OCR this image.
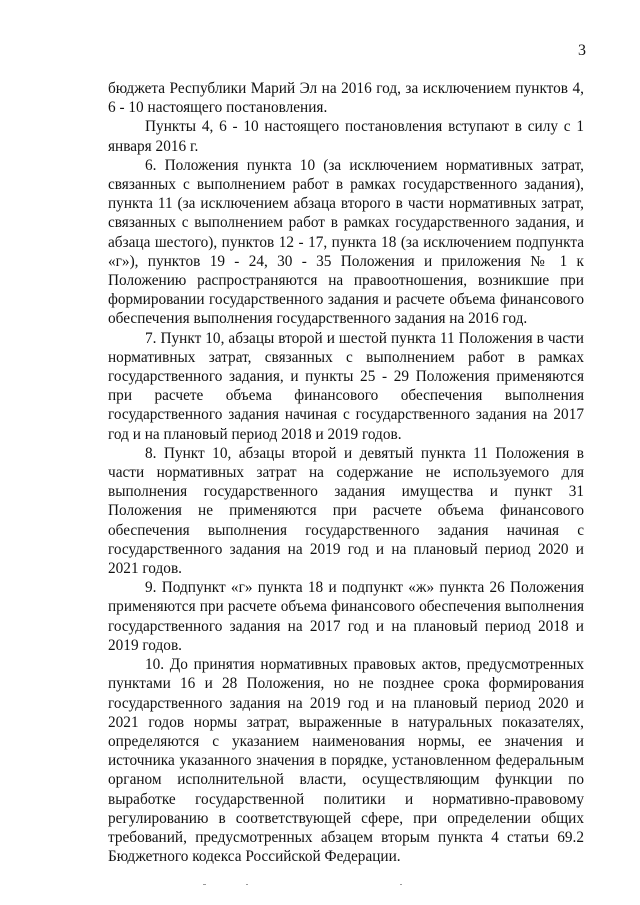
3

бюджета Республики Марий Эл на 2016 год, за исключением пунктов 4, 6 - 10 настоящего постановления.

Пункты 4, 6 - 10 настоящего постановления вступают в силу с 1 января 2016 г.

6. Положения пункта 10 (за исключением нормативных затрат, связанных с выполнением работ в рамках государственного задания), пункта 11 (за исключением абзаца второго в части нормативных затрат, связанных с выполнением работ в рамках государственного задания, и абзаца шестого), пунктов 12 - 17, пункта 18 (за исключением подпункта «г»), пунктов 19 - 24, 30 - 35 Положения и приложения № 1 к Положению распространяются на правоотношения, возникшие при формировании государственного задания и расчете объема финансового обеспечения выполнения государственного задания на 2016 год.

7. Пункт 10, абзацы второй и шестой пункта 11 Положения в части нормативных затрат, связанных с выполнением работ в рамках государственного задания, и пункты 25 - 29 Положения применяются при расчете объема финансового обеспечения выполнения государственного задания начиная с государственного задания на 2017 год и на плановый период 2018 и 2019 годов.

8. Пункт 10, абзацы второй и девятый пункта 11 Положения в части нормативных затрат на содержание не используемого для выполнения государственного задания имущества и пункт 31 Положения не применяются при расчете объема финансового обеспечения выполнения государственного задания начиная с государственного задания на 2019 год и на плановый период 2020 и 2021 годов.

9. Подпункт «г» пункта 18 и подпункт «ж» пункта 26 Положения применяются при расчете объема финансового обеспечения выполнения государственного задания на 2017 год и на плановый период 2018 и 2019 годов.

10. До принятия нормативных правовых актов, предусмотренных пунктами 16 и 28 Положения, но не позднее срока формирования государственного задания на 2019 год и на плановый период 2020 и 2021 годов нормы затрат, выраженные в натуральных показателях, определяются с указанием наименования нормы, ее значения и источника указанного значения в порядке, установленном федеральным органом исполнительной власти, осуществляющим функции по выработке государственной политики и нормативно-правовому регулированию в соответствующей сфере, при определении общих требований, предусмотренных абзацем вторым пункта 4 статьи 69.2 Бюджетного кодекса Российской Федерации.
